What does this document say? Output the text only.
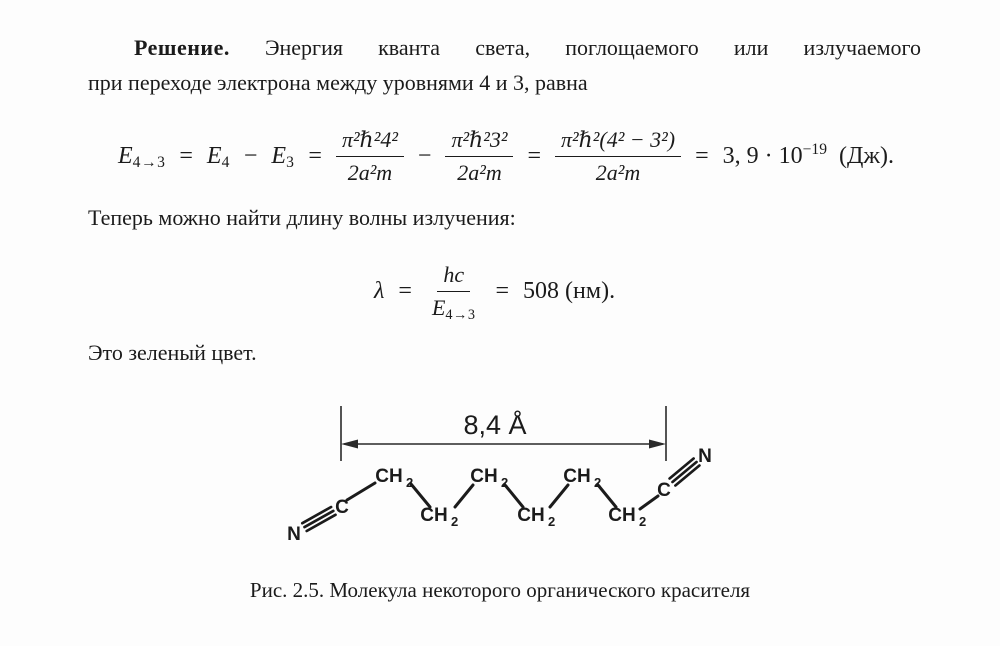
Решение. Энергия кванта света, поглощаемого или излучаемого
при переходе электрона между уровнями 4 и 3, равна
$E4\to 3 = E4 - E3 = \frac{\text{π²ℏ²4²}}{\text{2a²m}} - \frac{\text{π²ℏ²3²}}{\text{2a²m}} = \frac{\text{π²ℏ²(4² − 3²)}}{\text{2a²m}} = 3$, $9 \cdot 10^{-19}$ (Дж).
Теперь можно найти длину волны излучения:
$\lambda = \frac{hc}{E4\to 3} = 508$ (нм).
Это зеленый цвет.
8,4 Å
N
C
C
N
CH 2	CH 2	CH 2
CH 2	CH 2	CH 2
Рис. 2.5. Молекула некоторого органического красителя
